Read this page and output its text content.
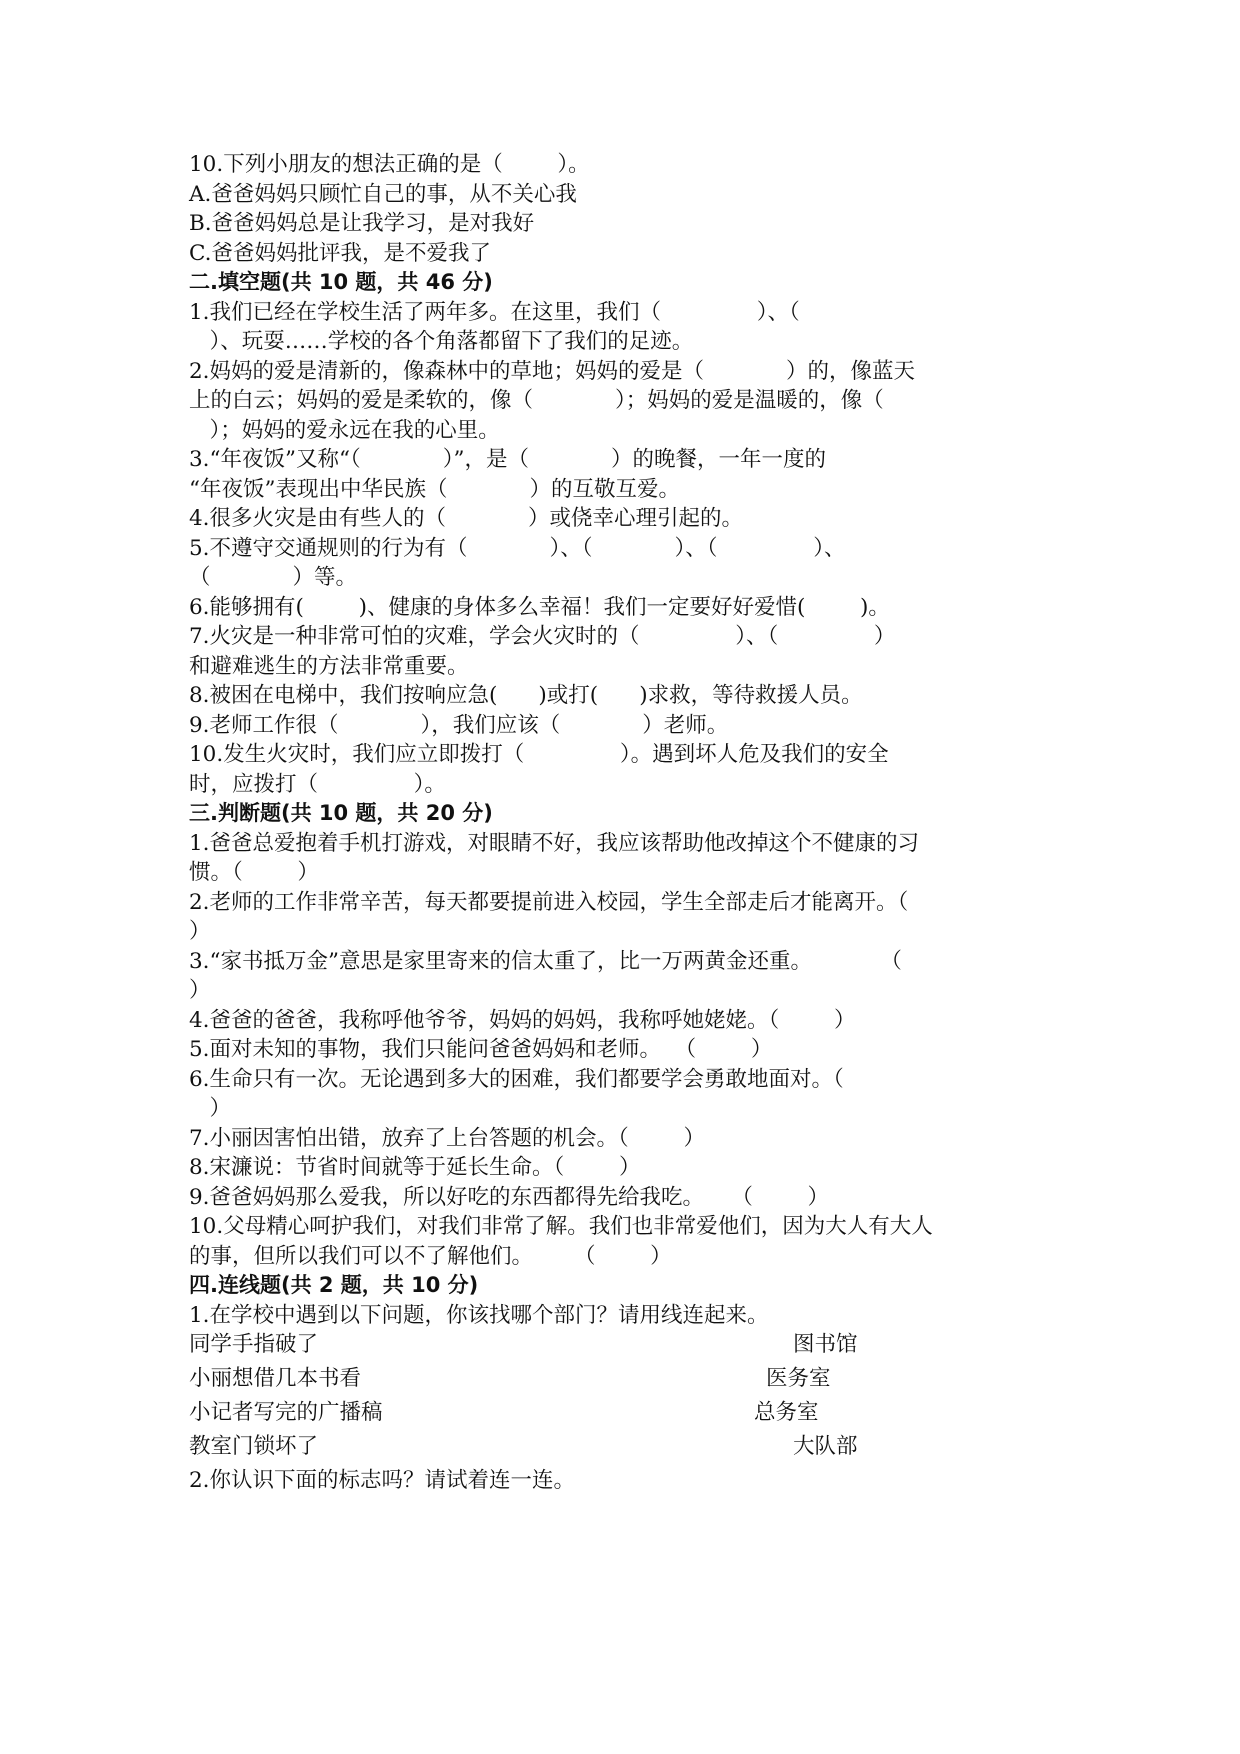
10.下列小朋友的想法正确的是（        ）。
A.爸爸妈妈只顾忙自己的事，从不关心我
B.爸爸妈妈总是让我学习，是对我好
C.爸爸妈妈批评我，是不爱我了
二.填空题(共 10 题，共 46 分)
1.我们已经在学校生活了两年多。在这里，我们（              ）、（
）、玩耍……学校的各个角落都留下了我们的足迹。
2.妈妈的爱是清新的，像森林中的草地；妈妈的爱是（            ）的，像蓝天
上的白云；妈妈的爱是柔软的，像（            ）；妈妈的爱是温暖的，像（
）；妈妈的爱永远在我的心里。
3.“年夜饭”又称“（            ）”，是（            ）的晚餐，一年一度的
“年夜饭”表现出中华民族（            ）的互敬互爱。
4.很多火灾是由有些人的（            ）或侥幸心理引起的。
5.不遵守交通规则的行为有（            ）、（            ）、（              ）、
（            ）等。
6.能够拥有(        )、健康的身体多么幸福！我们一定要好好爱惜(        )。
7.火灾是一种非常可怕的灾难，学会火灾时的（              ）、（              ）
和避难逃生的方法非常重要。
8.被困在电梯中，我们按响应急(      )或打(      )求救，等待救援人员。
9.老师工作很（            ），我们应该（            ）老师。
10.发生火灾时，我们应立即拨打（              ）。遇到坏人危及我们的安全
时，应拨打（              ）。
三.判断题(共 10 题，共 20 分)
1.爸爸总爱抱着手机打游戏，对眼睛不好，我应该帮助他改掉这个不健康的习
惯。（        ）
2.老师的工作非常辛苦，每天都要提前进入校园，学生全部走后才能离开。（
）
3.“家书抵万金”意思是家里寄来的信太重了，比一万两黄金还重。          （
）
4.爸爸的爸爸，我称呼他爷爷，妈妈的妈妈，我称呼她姥姥。（        ）
5.面对未知的事物，我们只能问爸爸妈妈和老师。  （        ）
6.生命只有一次。无论遇到多大的困难，我们都要学会勇敢地面对。（
）
7.小丽因害怕出错，放弃了上台答题的机会。（        ）
8.宋濂说：节省时间就等于延长生命。（        ）
9.爸爸妈妈那么爱我，所以好吃的东西都得先给我吃。    （        ）
10.父母精心呵护我们，对我们非常了解。我们也非常爱他们，因为大人有大人
的事，但所以我们可以不了解他们。      （        ）
四.连线题(共 2 题，共 10 分)
1.在学校中遇到以下问题，你该找哪个部门？请用线连起来。
同学手指破了	图书馆
小丽想借几本书看	医务室
小记者写完的广播稿	总务室
教室门锁坏了	大队部
2.你认识下面的标志吗？请试着连一连。
